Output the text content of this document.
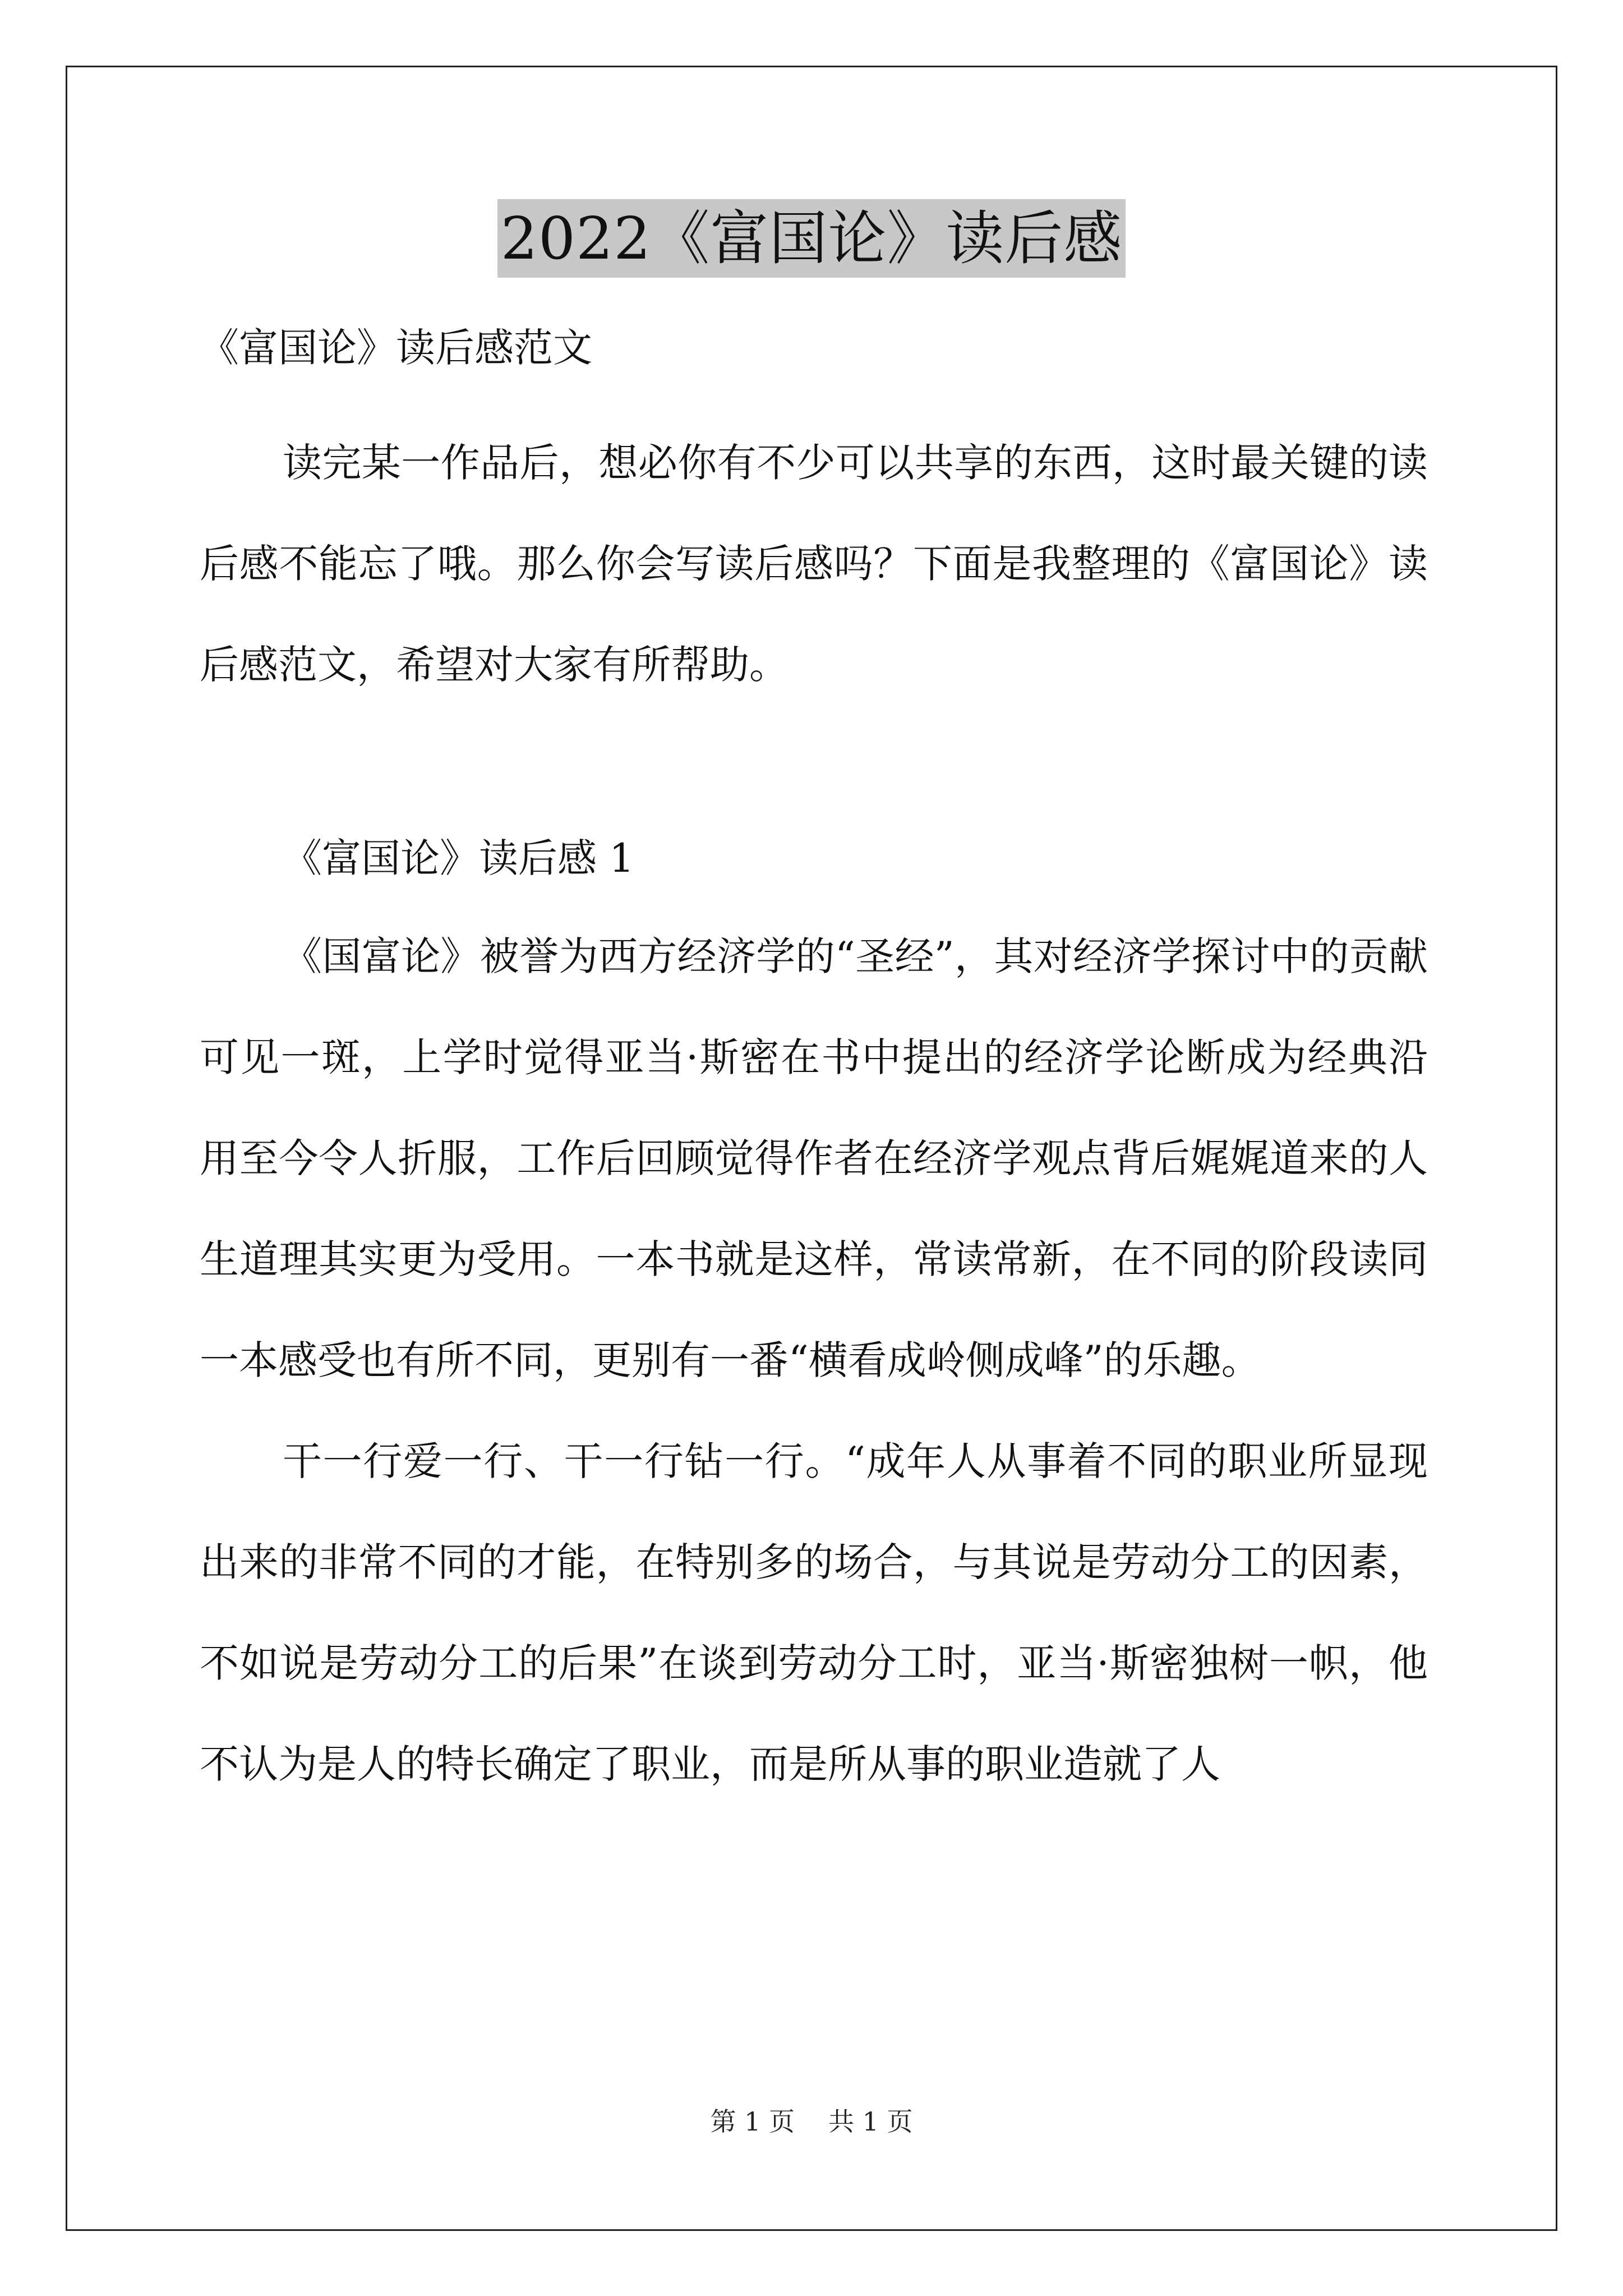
2022《富国论》读后感

《富国论》读后感范文

读完某一作品后，想必你有不少可以共享的东西，这时最关键的读后感不能忘了哦。那么你会写读后感吗？下面是我整理的《富国论》读后感范文，希望对大家有所帮助。

《富国论》读后感 1

《国富论》被誉为西方经济学的“圣经”，其对经济学探讨中的贡献可见一斑，上学时觉得亚当·斯密在书中提出的经济学论断成为经典沿用至今令人折服，工作后回顾觉得作者在经济学观点背后娓娓道来的人生道理其实更为受用。一本书就是这样，常读常新，在不同的阶段读同一本感受也有所不同，更别有一番“横看成岭侧成峰”的乐趣。

干一行爱一行、干一行钻一行。“成年人从事着不同的职业所显现出来的非常不同的才能，在特别多的场合，与其说是劳动分工的因素，不如说是劳动分工的后果”在谈到劳动分工时，亚当·斯密独树一帜，他不认为是人的特长确定了职业，而是所从事的职业造就了人

第 1 页 共 1 页
